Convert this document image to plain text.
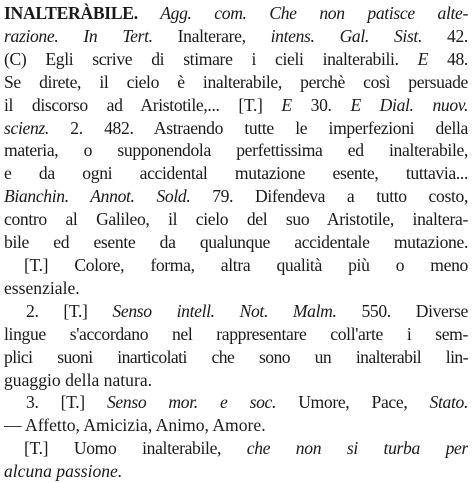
INALTERÀBILE. Agg. com. Che non patisce alte-
razione. In Tert. Inalterare, intens. Gal. Sist. 42.
(C) Egli scrive di stimare i cieli inalterabili. E 48.
Se direte, il cielo è inalterabile, perchè così persuade
il discorso ad Aristotile,... [T.] E 30. E Dial. nuov.
scienz. 2. 482. Astraendo tutte le imperfezioni della
materia, o supponendola perfettissima ed inalterabile,
e da ogni accidental mutazione esente, tuttavia...
Bianchin. Annot. Sold. 79. Difendeva a tutto costo,
contro al Galileo, il cielo del suo Aristotile, inaltera-
bile ed esente da qualunque accidentale mutazione.
[T.] Colore, forma, altra qualità più o meno
essenziale.
2. [T.] Senso intell. Not. Malm. 550. Diverse
lingue s'accordano nel rappresentare coll'arte i sem-
plici suoni inarticolati che sono un inalterabil lin-
guaggio della natura.
3. [T.] Senso mor. e soc. Umore, Pace, Stato.
— Affetto, Amicizia, Animo, Amore.
[T.] Uomo inalterabile, che non si turba per
alcuna passione.
